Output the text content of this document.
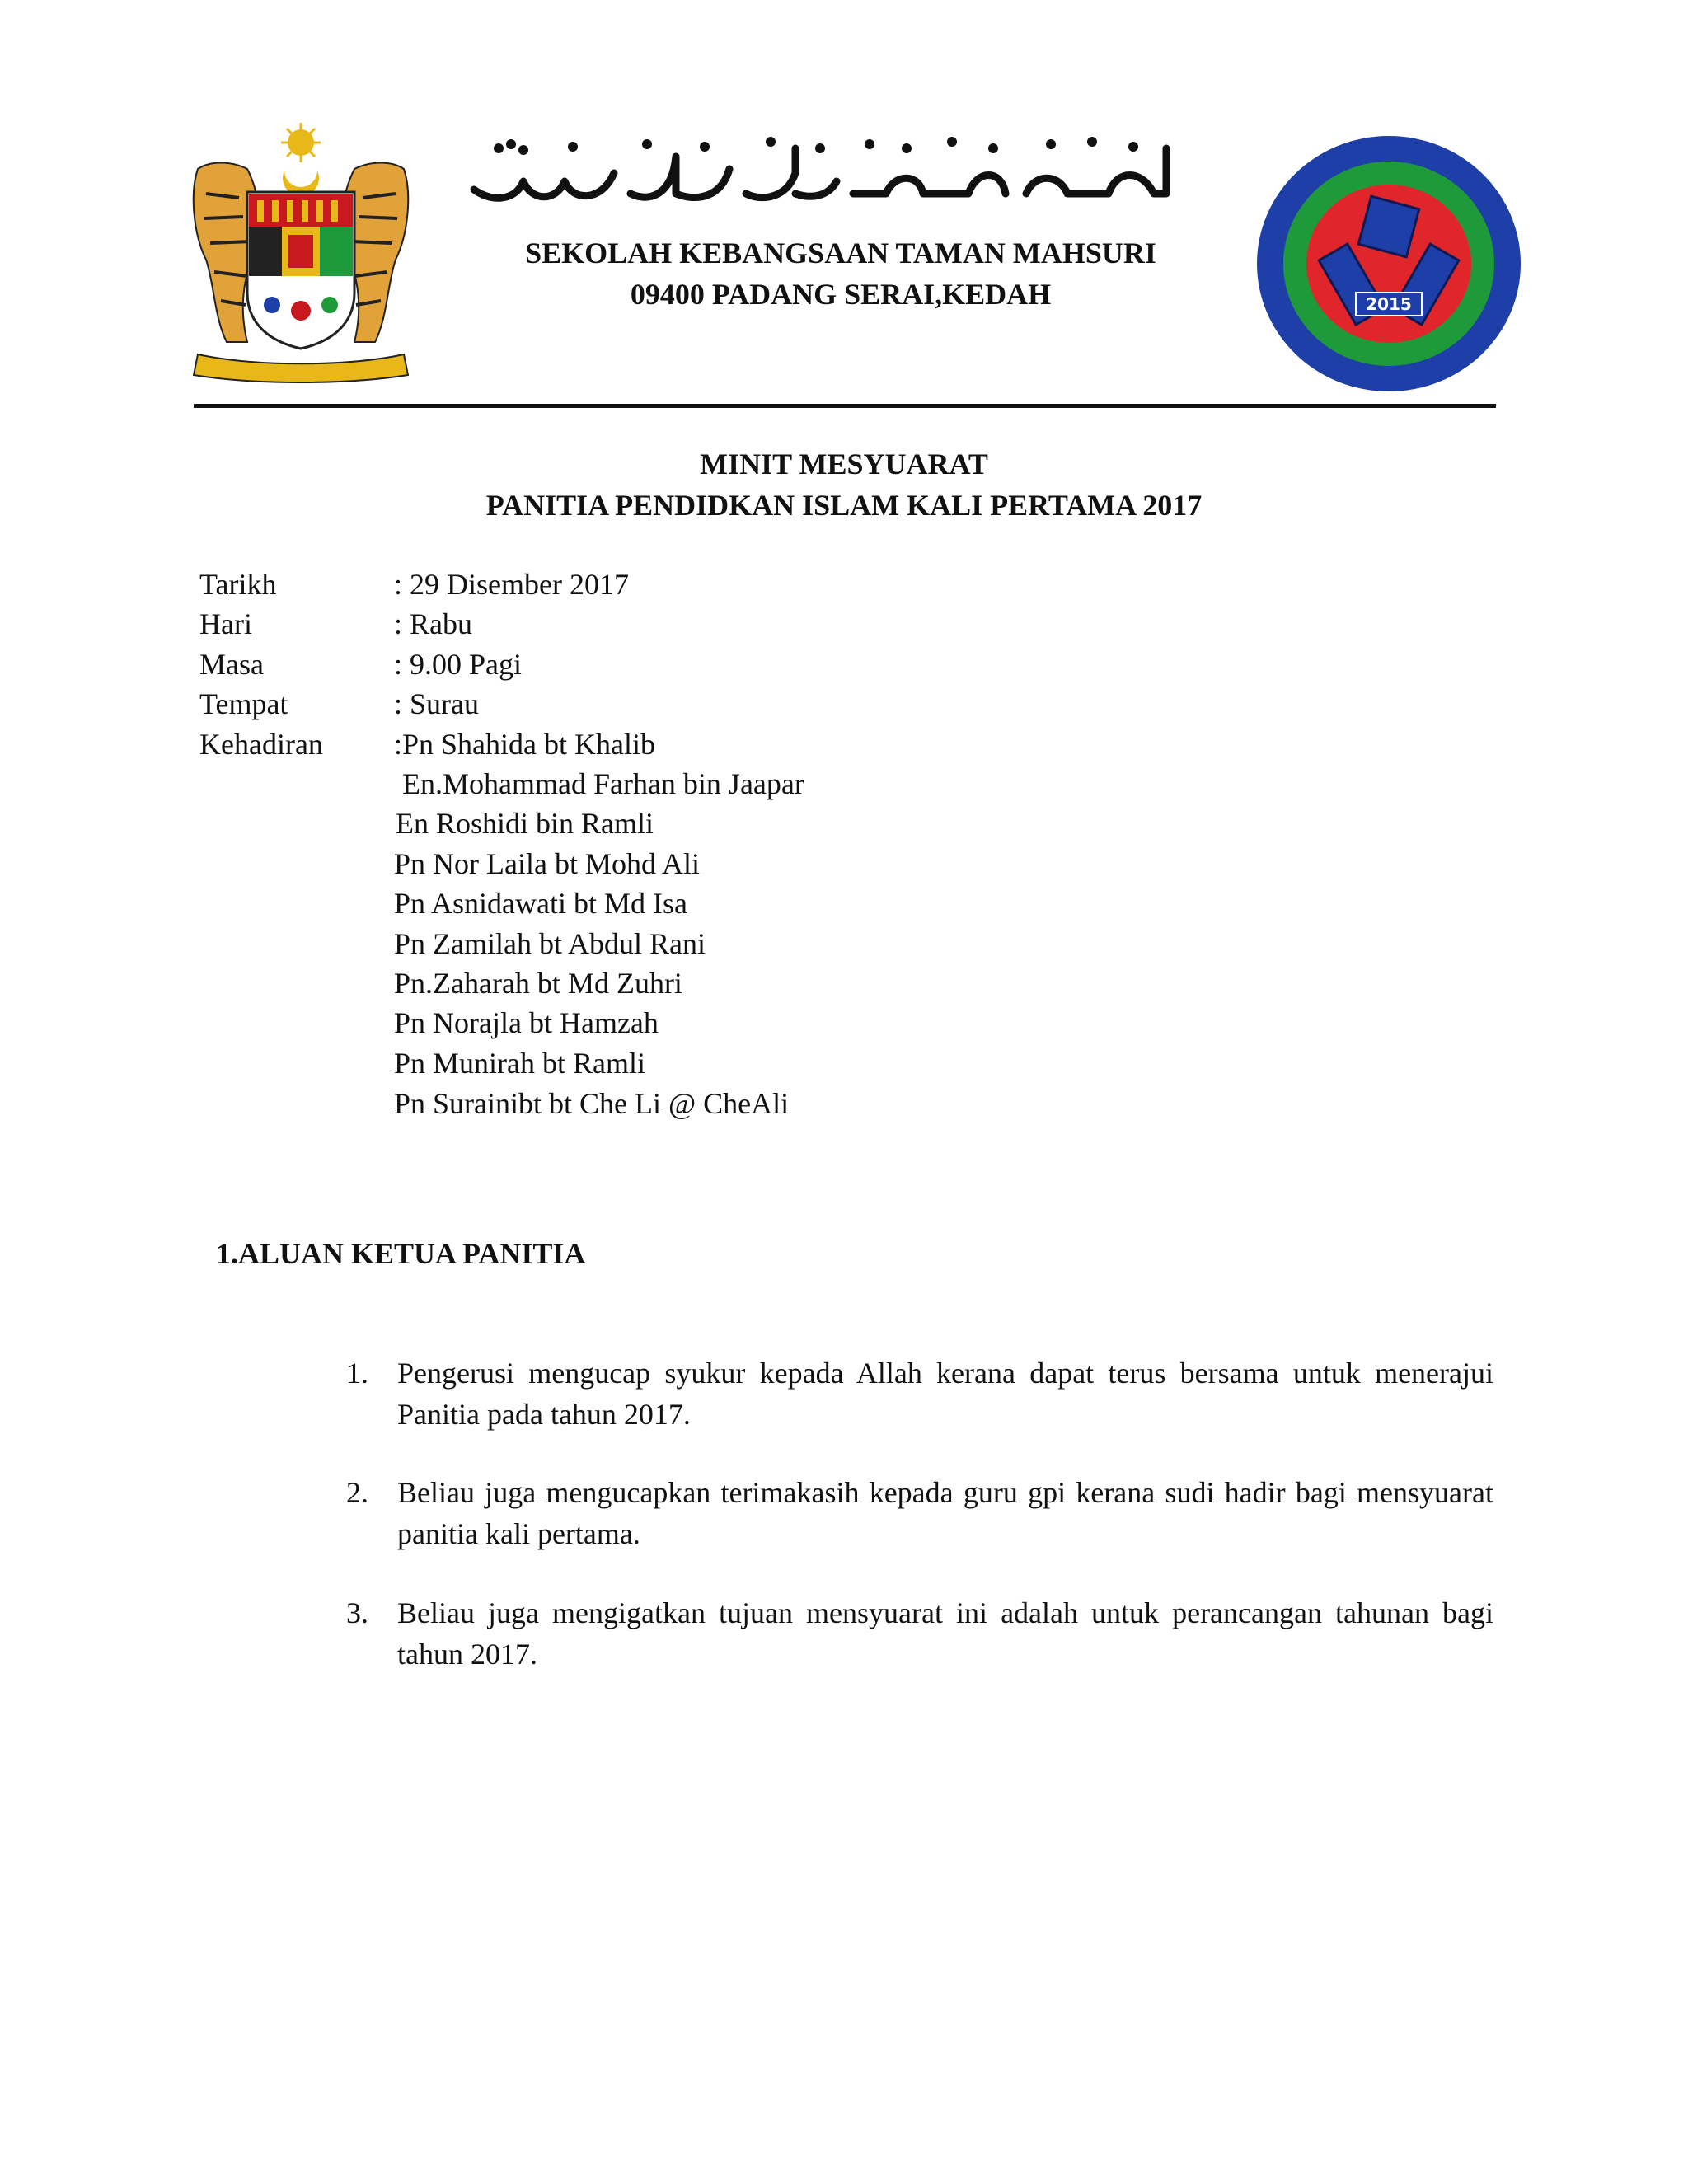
SEKOLAH KEBANGSAAN TAMAN MAHSURI
09400 PADANG SERAI,KEDAH	2015
MINIT MESYUARAT
PANITIA PENDIDKAN ISLAM KALI PERTAMA 2017
Tarikh	: 29 Disember 2017
Hari	: Rabu
Masa	: 9.00 Pagi
Tempat	: Surau
Kehadiran :Pn Shahida bt Khalib
En.Mohammad Farhan bin Jaapar
En Roshidi bin Ramli
Pn Nor Laila bt Mohd Ali
Pn Asnidawati bt Md Isa
Pn Zamilah bt Abdul Rani
Pn.Zaharah bt Md Zuhri
Pn Norajla bt Hamzah
Pn Munirah bt Ramli
Pn Surainibt bt Che Li @ CheAli
1.ALUAN KETUA PANITIA
1. Pengerusi mengucap syukur kepada Allah kerana dapat terus bersama untuk menerajui Panitia pada tahun 2017.
2. Beliau juga mengucapkan terimakasih kepada guru gpi kerana sudi hadir bagi mensyuarat panitia kali pertama.
3. Beliau juga mengigatkan tujuan mensyuarat ini adalah untuk perancangan tahunan bagi tahun 2017.
